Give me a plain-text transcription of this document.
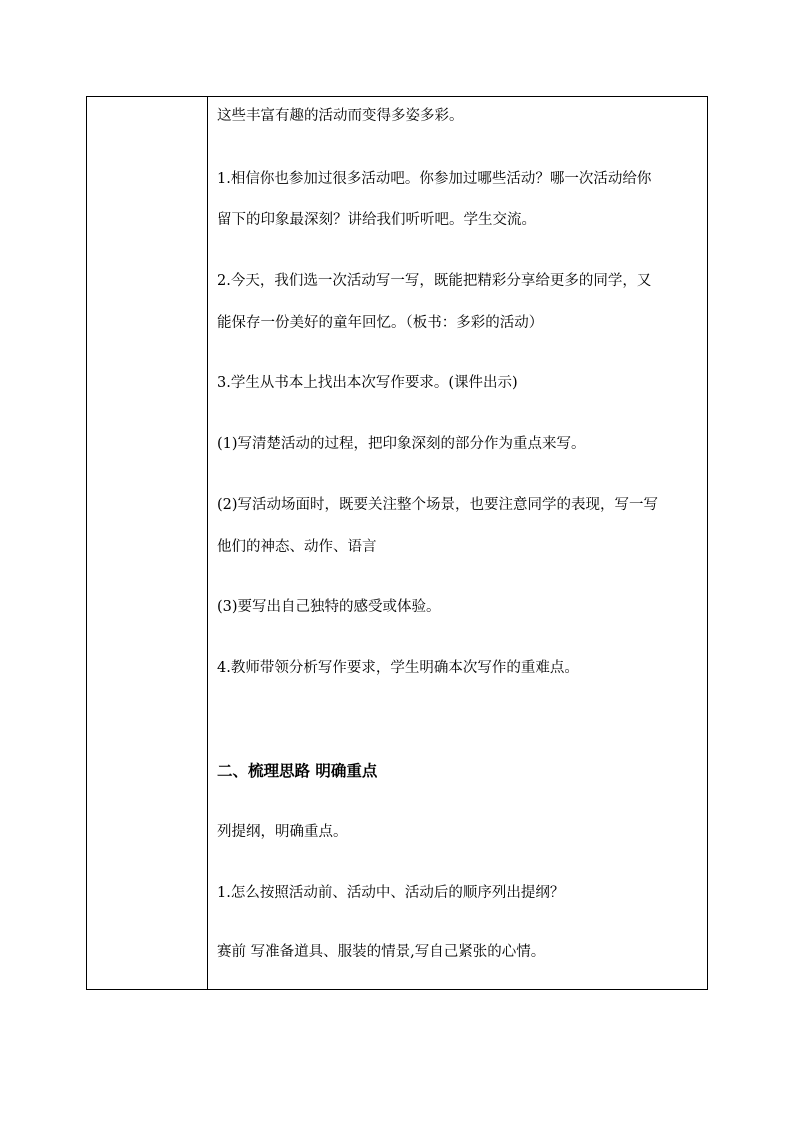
这些丰富有趣的活动而变得多姿多彩。
1.相信你也参加过很多活动吧。你参加过哪些活动？哪一次活动给你
留下的印象最深刻？讲给我们听听吧。学生交流。
2.今天，我们选一次活动写一写，既能把精彩分享给更多的同学，又
能保存一份美好的童年回忆。（板书：多彩的活动）
3.学生从书本上找出本次写作要求。(课件出示)
(1)写清楚活动的过程，把印象深刻的部分作为重点来写。
(2)写活动场面时，既要关注整个场景，也要注意同学的表现，写一写
他们的神态、动作、语言
(3)要写出自己独特的感受或体验。
4.教师带领分析写作要求，学生明确本次写作的重难点。
二、梳理思路 明确重点
列提纲，明确重点。
1.怎么按照活动前、活动中、活动后的顺序列出提纲？
赛前 写准备道具、服装的情景,写自己紧张的心情。
